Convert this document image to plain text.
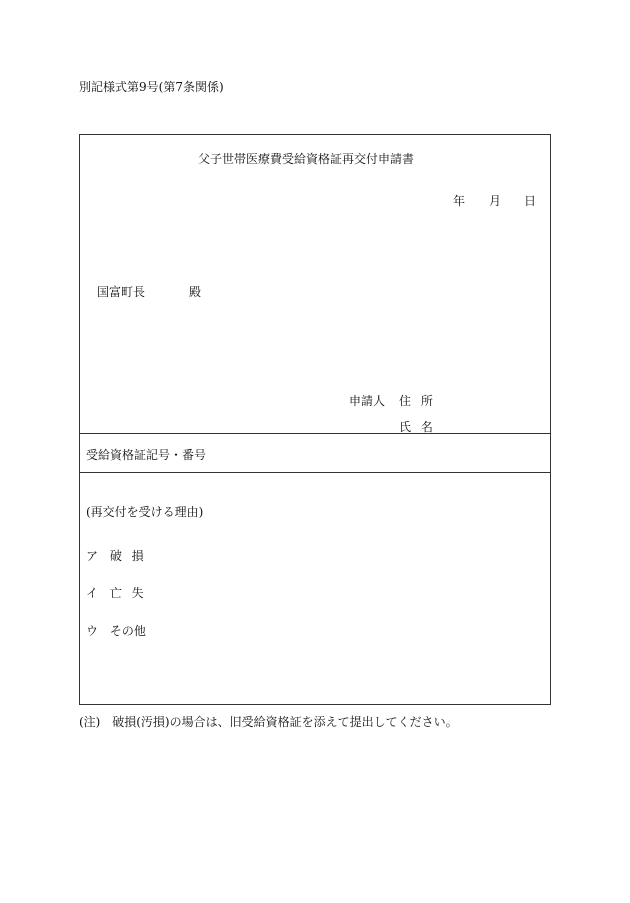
別記様式第9号(第7条関係)
父子世帯医療費受給資格証再交付申請書
年 月 日
国富町長	殿
申請人 住 所
氏 名
受給資格証記号・番号
(再交付を受ける理由)
ア 破 損
イ 亡 失
ウ その他
(注) 破損(汚損)の場合は、旧受給資格証を添えて提出してください。
